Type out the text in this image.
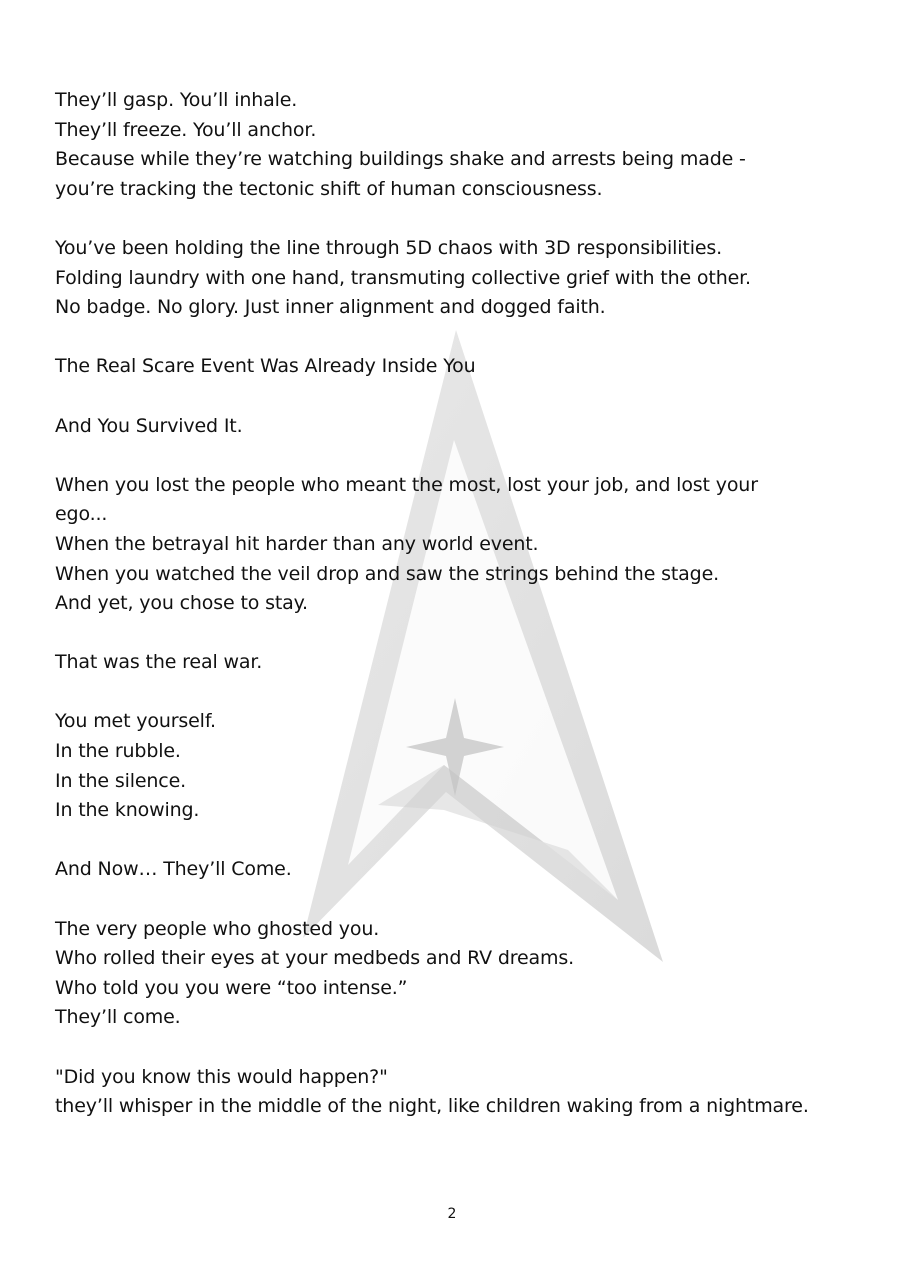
They’ll gasp. You’ll inhale.
They’ll freeze. You’ll anchor.
Because while they’re watching buildings shake and arrests being made -
you’re tracking the tectonic shift of human consciousness.
You’ve been holding the line through 5D chaos with 3D responsibilities.
Folding laundry with one hand, transmuting collective grief with the other.
No badge. No glory. Just inner alignment and dogged faith.
The Real Scare Event Was Already Inside You
And You Survived It.
When you lost the people who meant the most, lost your job, and lost your
ego...
When the betrayal hit harder than any world event.
When you watched the veil drop and saw the strings behind the stage.
And yet, you chose to stay.
That was the real war.
You met yourself.
In the rubble.
In the silence.
In the knowing.
And Now… They’ll Come.
The very people who ghosted you.
Who rolled their eyes at your medbeds and RV dreams.
Who told you you were “too intense.”
They’ll come.
"Did you know this would happen?"
they’ll whisper in the middle of the night, like children waking from a nightmare.
2
